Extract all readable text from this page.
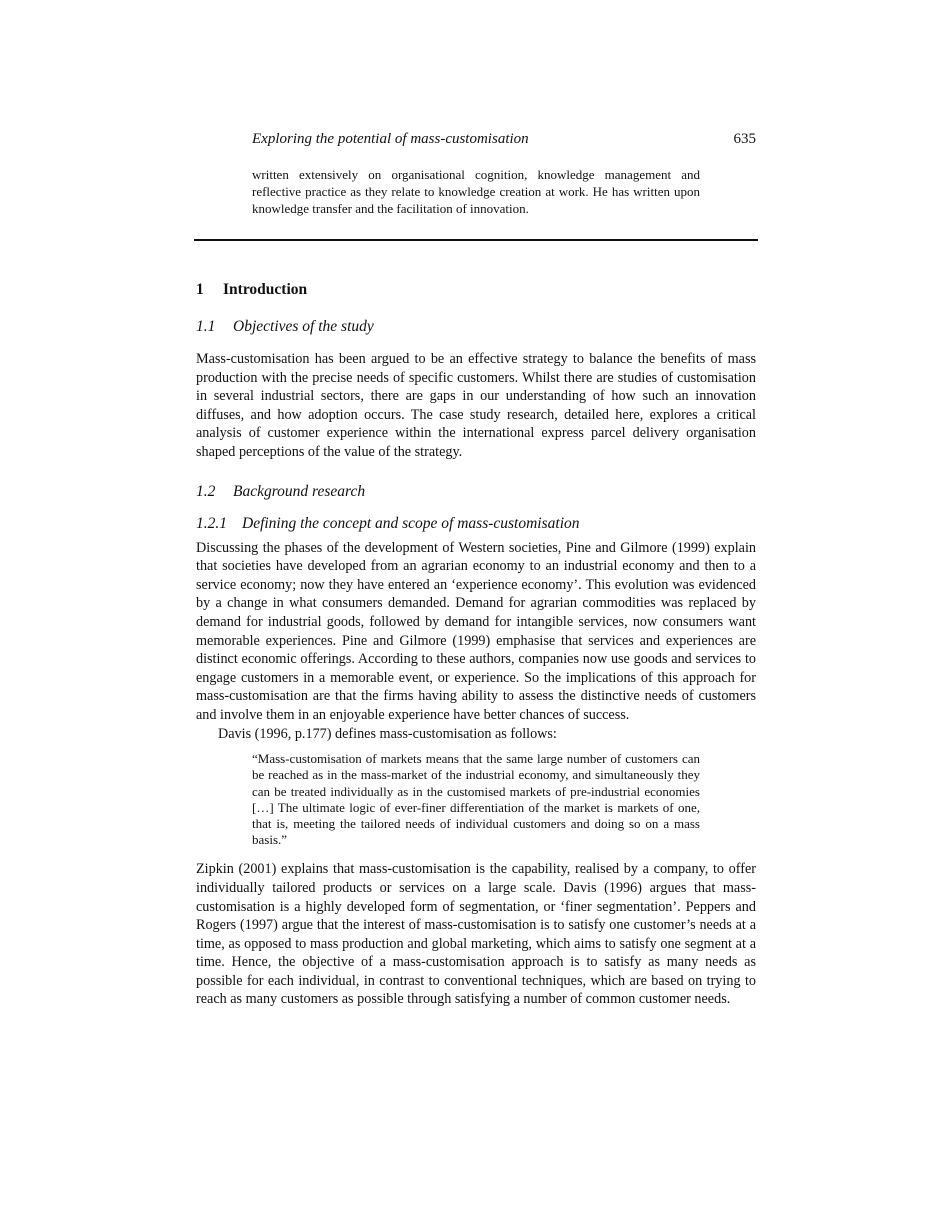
Exploring the potential of mass-customisation	635

written extensively on organisational cognition, knowledge management and reflective practice as they relate to knowledge creation at work. He has written upon knowledge transfer and the facilitation of innovation.

1 Introduction
1.1 Objectives of the study

Mass-customisation has been argued to be an effective strategy to balance the benefits of mass production with the precise needs of specific customers. Whilst there are studies of customisation in several industrial sectors, there are gaps in our understanding of how such an innovation diffuses, and how adoption occurs. The case study research, detailed here, explores a critical analysis of customer experience within the international express parcel delivery organisation shaped perceptions of the value of the strategy.

1.2 Background research
1.2.1 Defining the concept and scope of mass-customisation

Discussing the phases of the development of Western societies, Pine and Gilmore (1999) explain that societies have developed from an agrarian economy to an industrial economy and then to a service economy; now they have entered an ‘experience economy’. This evolution was evidenced by a change in what consumers demanded. Demand for agrarian commodities was replaced by demand for industrial goods, followed by demand for intangible services, now consumers want memorable experiences. Pine and Gilmore (1999) emphasise that services and experiences are distinct economic offerings. According to these authors, companies now use goods and services to engage customers in a memorable event, or experience. So the implications of this approach for mass-customisation are that the firms having ability to assess the distinctive needs of customers and involve them in an enjoyable experience have better chances of success.

Davis (1996, p.177) defines mass-customisation as follows:

“Mass-customisation of markets means that the same large number of customers can be reached as in the mass-market of the industrial economy, and simultaneously they can be treated individually as in the customised markets of pre-industrial economies […] The ultimate logic of ever-finer differentiation of the market is markets of one, that is, meeting the tailored needs of individual customers and doing so on a mass basis.”

Zipkin (2001) explains that mass-customisation is the capability, realised by a company, to offer individually tailored products or services on a large scale. Davis (1996) argues that mass-customisation is a highly developed form of segmentation, or ‘finer segmentation’. Peppers and Rogers (1997) argue that the interest of mass-customisation is to satisfy one customer’s needs at a time, as opposed to mass production and global marketing, which aims to satisfy one segment at a time. Hence, the objective of a mass-customisation approach is to satisfy as many needs as possible for each individual, in contrast to conventional techniques, which are based on trying to reach as many customers as possible through satisfying a number of common customer needs.
